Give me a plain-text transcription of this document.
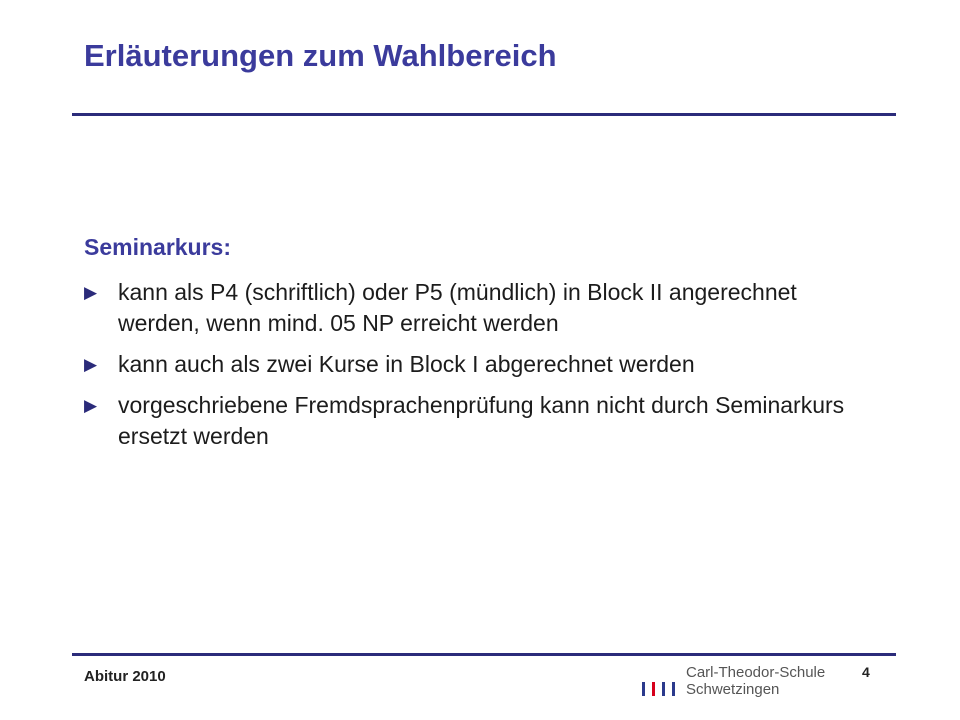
Erläuterungen zum Wahlbereich
Seminarkurs:
▶ kann als P4 (schriftlich) oder P5 (mündlich) in Block II angerechnet werden, wenn mind. 05 NP erreicht werden
▶ kann auch als zwei Kurse in Block I abgerechnet werden
▶ vorgeschriebene Fremdsprachenprüfung kann nicht durch Seminarkurs ersetzt werden
Abitur 2010	Carl-Theodor-Schule
Schwetzingen
4
